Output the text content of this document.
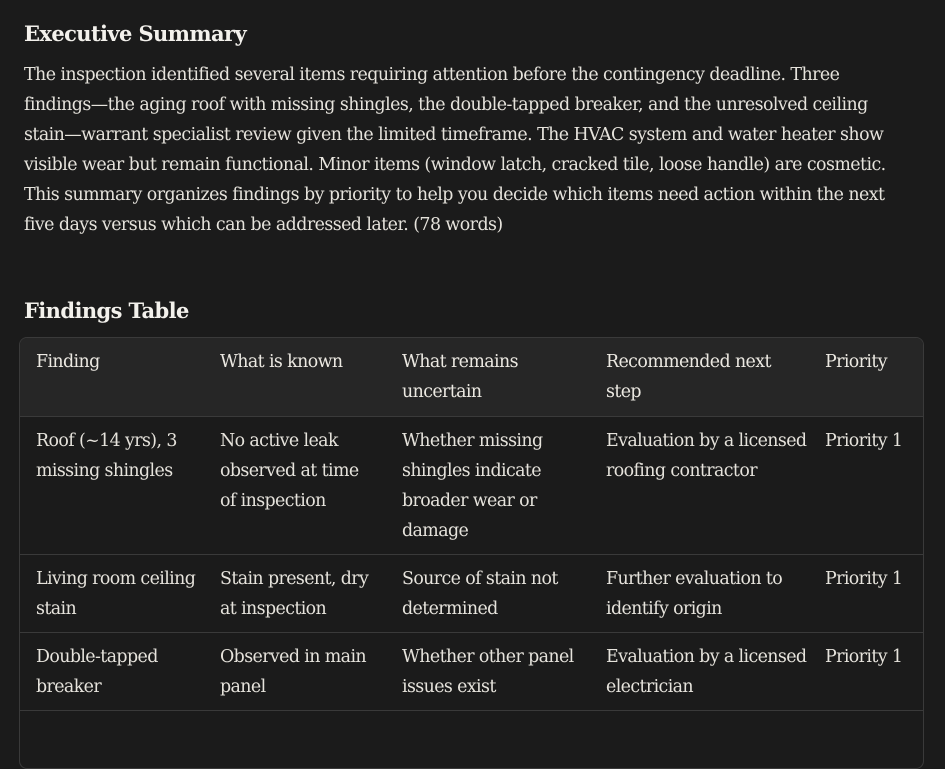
Executive Summary

The inspection identified several items requiring attention before the contingency deadline. Three findings—the aging roof with missing shingles, the double-tapped breaker, and the unresolved ceiling stain—warrant specialist review given the limited timeframe. The HVAC system and water heater show visible wear but remain functional. Minor items (window latch, cracked tile, loose handle) are cosmetic. This summary organizes findings by priority to help you decide which items need action within the next five days versus which can be addressed later. (78 words)

Findings Table
Finding	What is known	What remains uncertain	Recommended next step	Priority
Roof (~14 yrs), 3 missing shingles	No active leak observed at time of inspection	Whether missing shingles indicate broader wear or damage	Evaluation by a licensed roofing contractor	Priority 1
Living room ceiling stain	Stain present, dry at inspection	Source of stain not determined	Further evaluation to identify origin	Priority 1
Double-tapped breaker	Observed in main panel	Whether other panel issues exist	Evaluation by a licensed electrician	Priority 1
